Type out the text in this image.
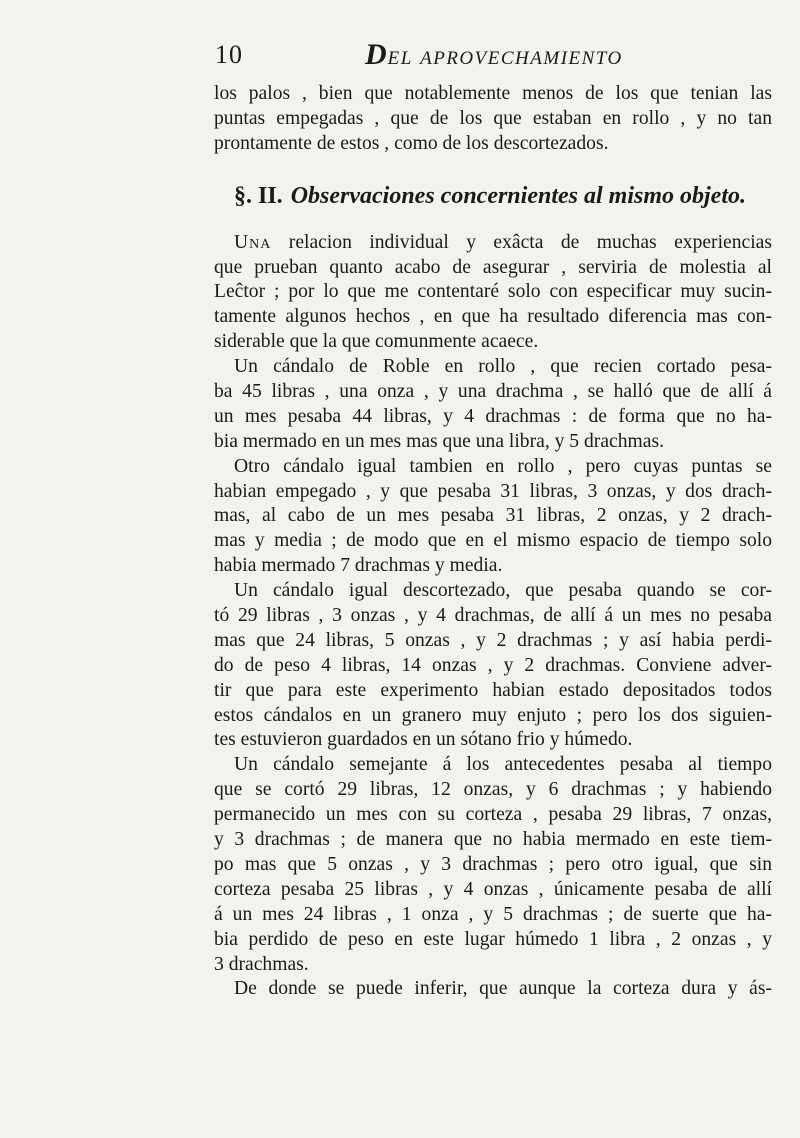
10	DEL APROVECHAMIENTO
los palos , bien que notablemente menos de los que tenian las
puntas empegadas , que de los que estaban en rollo , y no tan
prontamente de estos , como de los descortezados.
§. II. Observaciones concernientes al mismo objeto.
Una relacion individual y exâcta de muchas experiencias
que prueban quanto acabo de asegurar , serviria de molestia al
Leĉtor ; por lo que me contentaré solo con especificar muy sucin-
tamente algunos hechos , en que ha resultado diferencia mas con-
siderable que la que comunmente acaece.
Un cándalo de Roble en rollo , que recien cortado pesa-
ba 45 libras , una onza , y una drachma , se halló que de allí á
un mes pesaba 44 libras, y 4 drachmas : de forma que no ha-
bia mermado en un mes mas que una libra, y 5 drachmas.
Otro cándalo igual tambien en rollo , pero cuyas puntas se
habian empegado , y que pesaba 31 libras, 3 onzas, y dos drach-
mas, al cabo de un mes pesaba 31 libras, 2 onzas, y 2 drach-
mas y media ; de modo que en el mismo espacio de tiempo solo
habia mermado 7 drachmas y media.
Un cándalo igual descortezado, que pesaba quando se cor-
tó 29 libras , 3 onzas , y 4 drachmas, de allí á un mes no pesaba
mas que 24 libras, 5 onzas , y 2 drachmas ; y así habia perdi-
do de peso 4 libras, 14 onzas , y 2 drachmas. Conviene adver-
tir que para este experimento habian estado depositados todos
estos cándalos en un granero muy enjuto ; pero los dos siguien-
tes estuvieron guardados en un sótano frio y húmedo.
Un cándalo semejante á los antecedentes pesaba al tiempo
que se cortó 29 libras, 12 onzas, y 6 drachmas ; y habiendo
permanecido un mes con su corteza , pesaba 29 libras, 7 onzas,
y 3 drachmas ; de manera que no habia mermado en este tiem-
po mas que 5 onzas , y 3 drachmas ; pero otro igual, que sin
corteza pesaba 25 libras , y 4 onzas , únicamente pesaba de allí
á un mes 24 libras , 1 onza , y 5 drachmas ; de suerte que ha-
bia perdido de peso en este lugar húmedo 1 libra , 2 onzas , y
3 drachmas.
De donde se puede inferir, que aunque la corteza dura y ás-
